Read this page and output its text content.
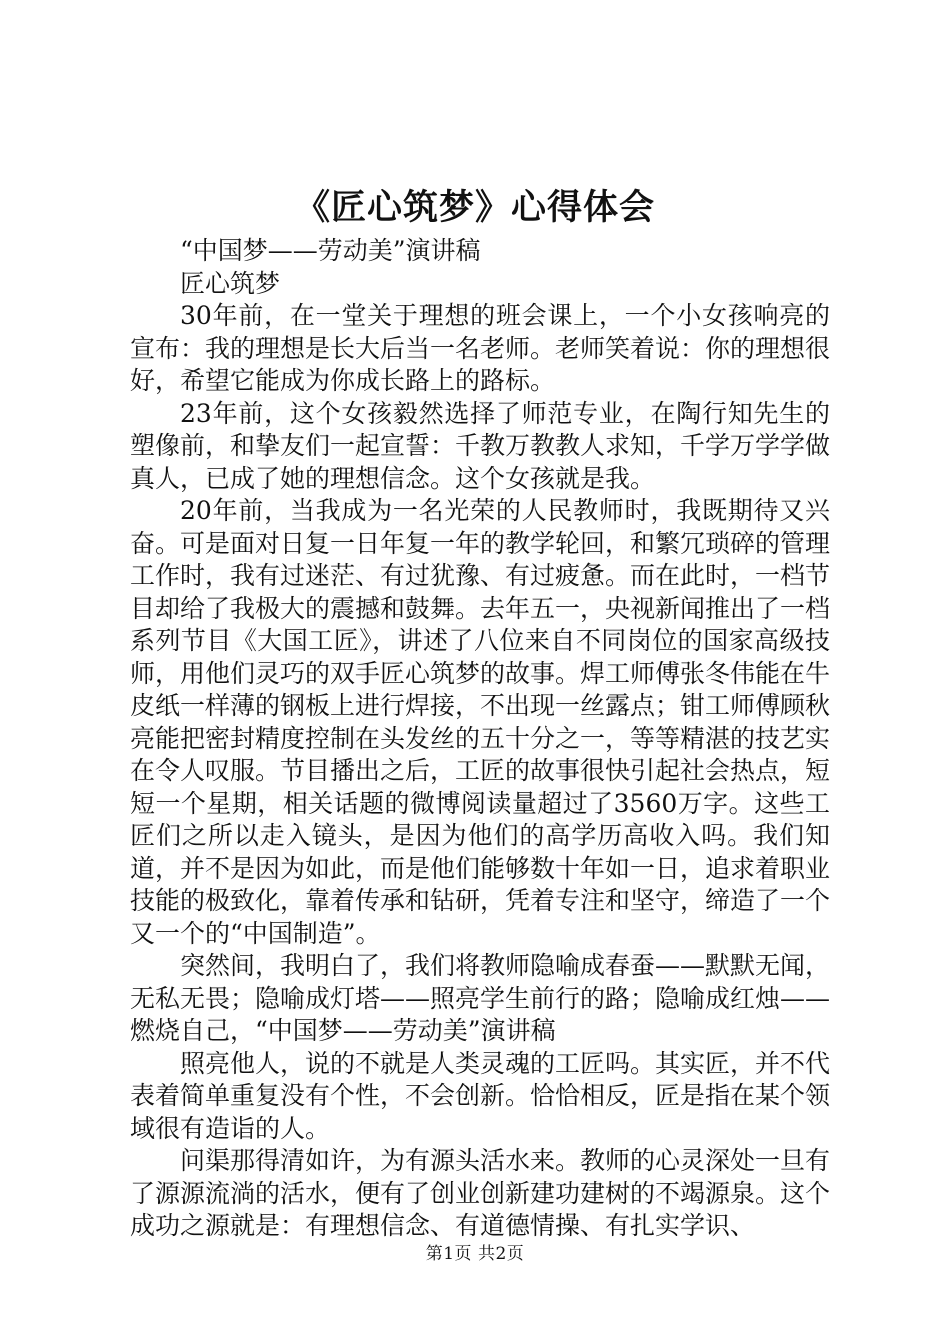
《匠心筑梦》心得体会

“中国梦——劳动美”演讲稿

匠心筑梦

30年前，在一堂关于理想的班会课上，一个小女孩响亮的宣布：我的理想是长大后当一名老师。老师笑着说：你的理想很好，希望它能成为你成长路上的路标。

23年前，这个女孩毅然选择了师范专业，在陶行知先生的塑像前，和挚友们一起宣誓：千教万教教人求知，千学万学学做真人，已成了她的理想信念。这个女孩就是我。

20年前，当我成为一名光荣的人民教师时，我既期待又兴奋。可是面对日复一日年复一年的教学轮回，和繁冗琐碎的管理工作时，我有过迷茫、有过犹豫、有过疲惫。而在此时，一档节目却给了我极大的震撼和鼓舞。去年五一，央视新闻推出了一档系列节目《大国工匠》，讲述了八位来自不同岗位的国家高级技师，用他们灵巧的双手匠心筑梦的故事。焊工师傅张冬伟能在牛皮纸一样薄的钢板上进行焊接，不出现一丝露点；钳工师傅顾秋亮能把密封精度控制在头发丝的五十分之一，等等精湛的技艺实在令人叹服。节目播出之后，工匠的故事很快引起社会热点，短短一个星期，相关话题的微博阅读量超过了3560万字。这些工匠们之所以走入镜头，是因为他们的高学历高收入吗。我们知道，并不是因为如此，而是他们能够数十年如一日，追求着职业技能的极致化，靠着传承和钻研，凭着专注和坚守，缔造了一个又一个的“中国制造”。

突然间，我明白了，我们将教师隐喻成春蚕——默默无闻，无私无畏；隐喻成灯塔——照亮学生前行的路；隐喻成红烛——燃烧自己，“中国梦——劳动美”演讲稿

照亮他人，说的不就是人类灵魂的工匠吗。其实匠，并不代表着简单重复没有个性，不会创新。恰恰相反，匠是指在某个领域很有造诣的人。

问渠那得清如许，为有源头活水来。教师的心灵深处一旦有了源源流淌的活水，便有了创业创新建功建树的不竭源泉。这个成功之源就是：有理想信念、有道德情操、有扎实学识、

第1页 共2页
